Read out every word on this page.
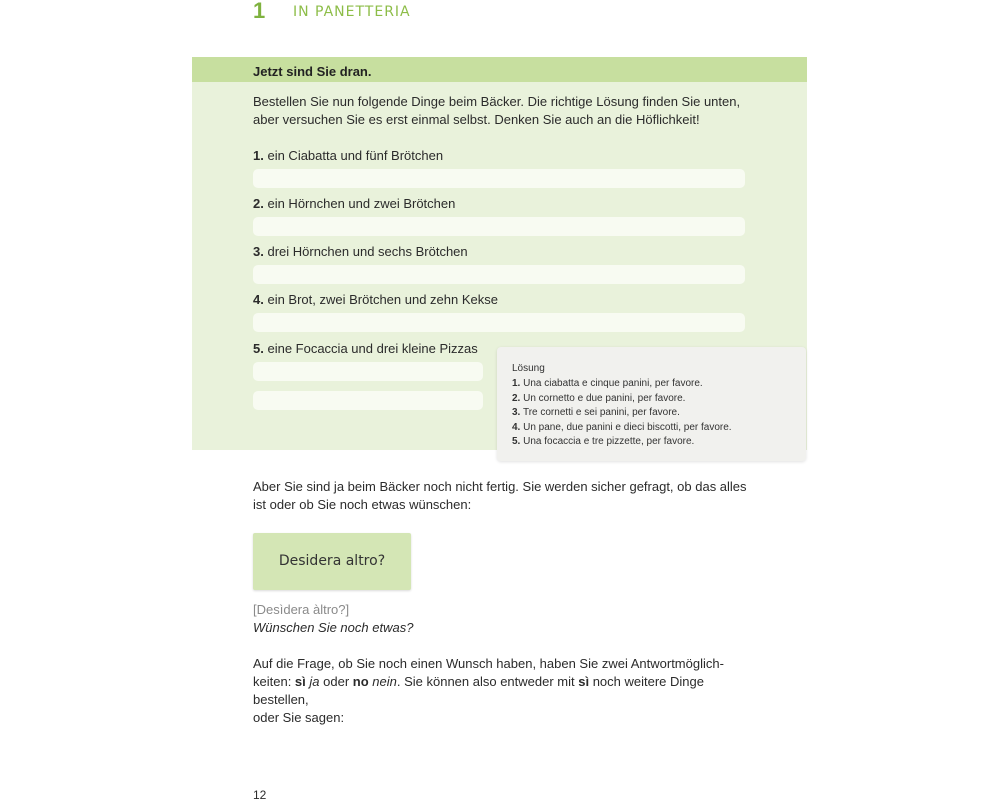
1 IN PANETTERIA
Jetzt sind Sie dran.

Bestellen Sie nun folgende Dinge beim Bäcker. Die richtige Lösung finden Sie unten, aber versuchen Sie es erst einmal selbst. Denken Sie auch an die Höflichkeit!

1. ein Ciabatta und fünf Brötchen
2. ein Hörnchen und zwei Brötchen
3. drei Hörnchen und sechs Brötchen
4. ein Brot, zwei Brötchen und zehn Kekse
5. eine Focaccia und drei kleine Pizzas
Lösung
1. Una ciabatta e cinque panini, per favore.
2. Un cornetto e due panini, per favore.
3. Tre cornetti e sei panini, per favore.
4. Un pane, due panini e dieci biscotti, per favore.
5. Una focaccia e tre pizzette, per favore.
Aber Sie sind ja beim Bäcker noch nicht fertig. Sie werden sicher gefragt, ob das alles
ist oder ob Sie noch etwas wünschen:
Desidera altro?
[Desìdera àltro?]
Wünschen Sie noch etwas?
Auf die Frage, ob Sie noch einen Wunsch haben, haben Sie zwei Antwortmöglich-
keiten: sì ja oder no nein. Sie können also entweder mit sì noch weitere Dinge bestellen,
oder Sie sagen:
12
